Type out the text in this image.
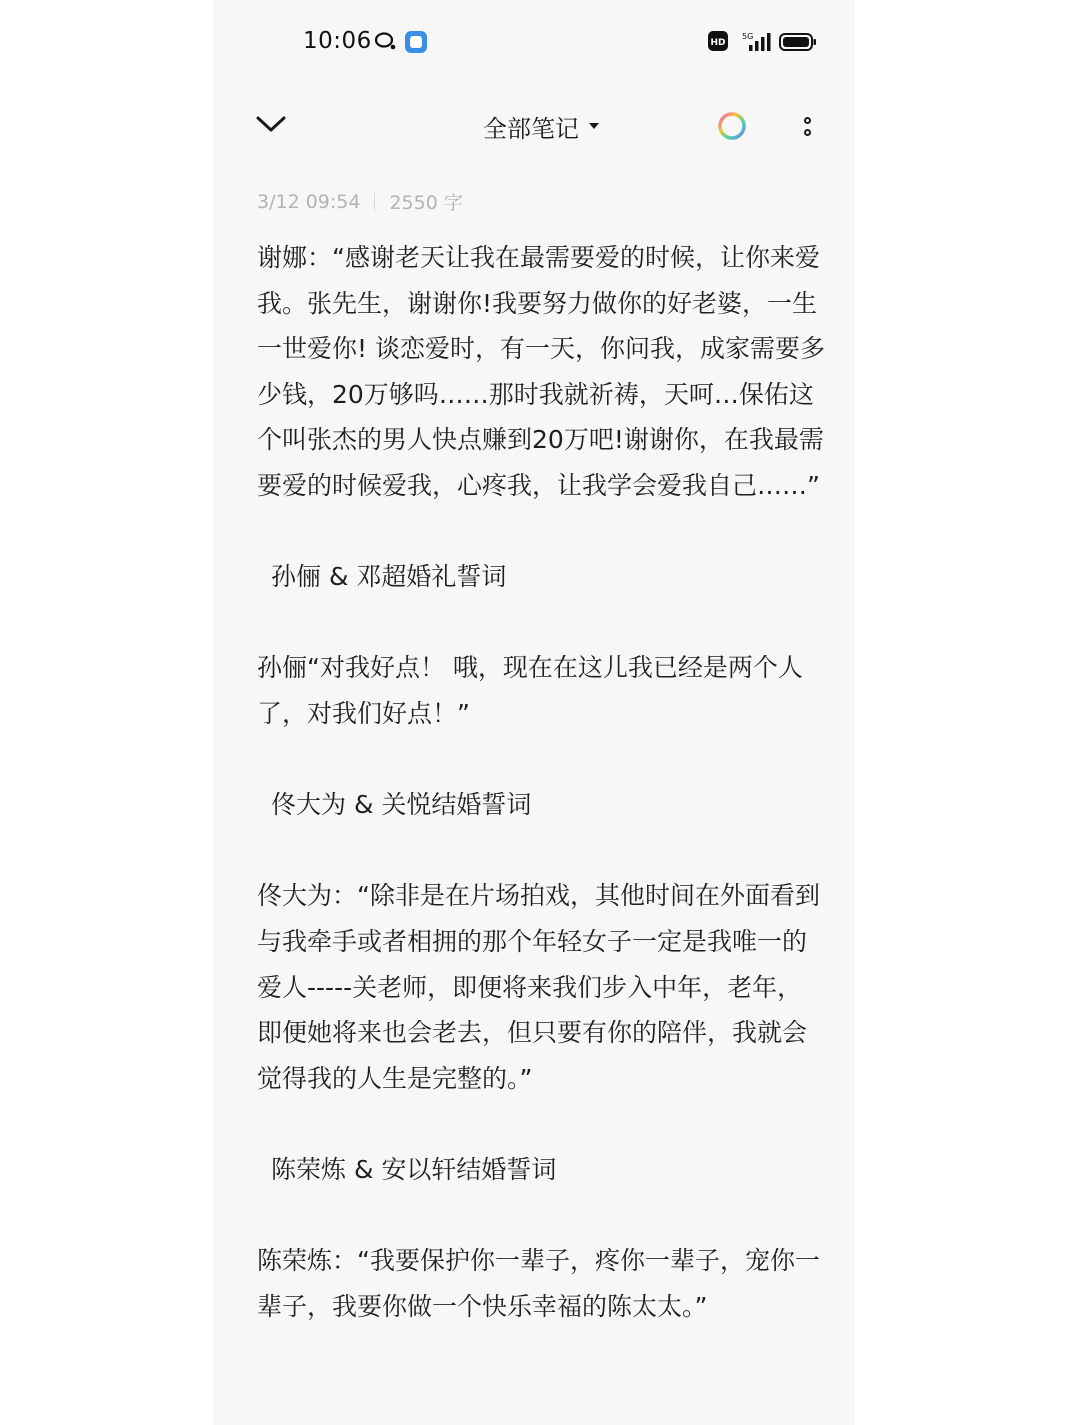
10:06	HD
5G
全部笔记
3/12 09:54 2550 字

谢娜：“感谢老天让我在最需要爱的时候，让你来爱我。张先生，谢谢你!我要努力做你的好老婆，一生一世爱你! 谈恋爱时，有一天，你问我，成家需要多少钱，20万够吗……那时我就祈祷，天呵…保佑这个叫张杰的男人快点赚到20万吧!谢谢你，在我最需要爱的时候爱我，心疼我，让我学会爱我自己……”

孙俪 & 邓超婚礼誓词

孙俪“对我好点！ 哦，现在在这儿我已经是两个人了，对我们好点！”

佟大为 & 关悦结婚誓词

佟大为：“除非是在片场拍戏，其他时间在外面看到与我牵手或者相拥的那个年轻女子一定是我唯一的爱人-----关老师，即便将来我们步入中年，老年，即便她将来也会老去，但只要有你的陪伴，我就会觉得我的人生是完整的。”

陈荣炼 & 安以轩结婚誓词

陈荣炼：“我要保护你一辈子，疼你一辈子，宠你一辈子，我要你做一个快乐幸福的陈太太。”
